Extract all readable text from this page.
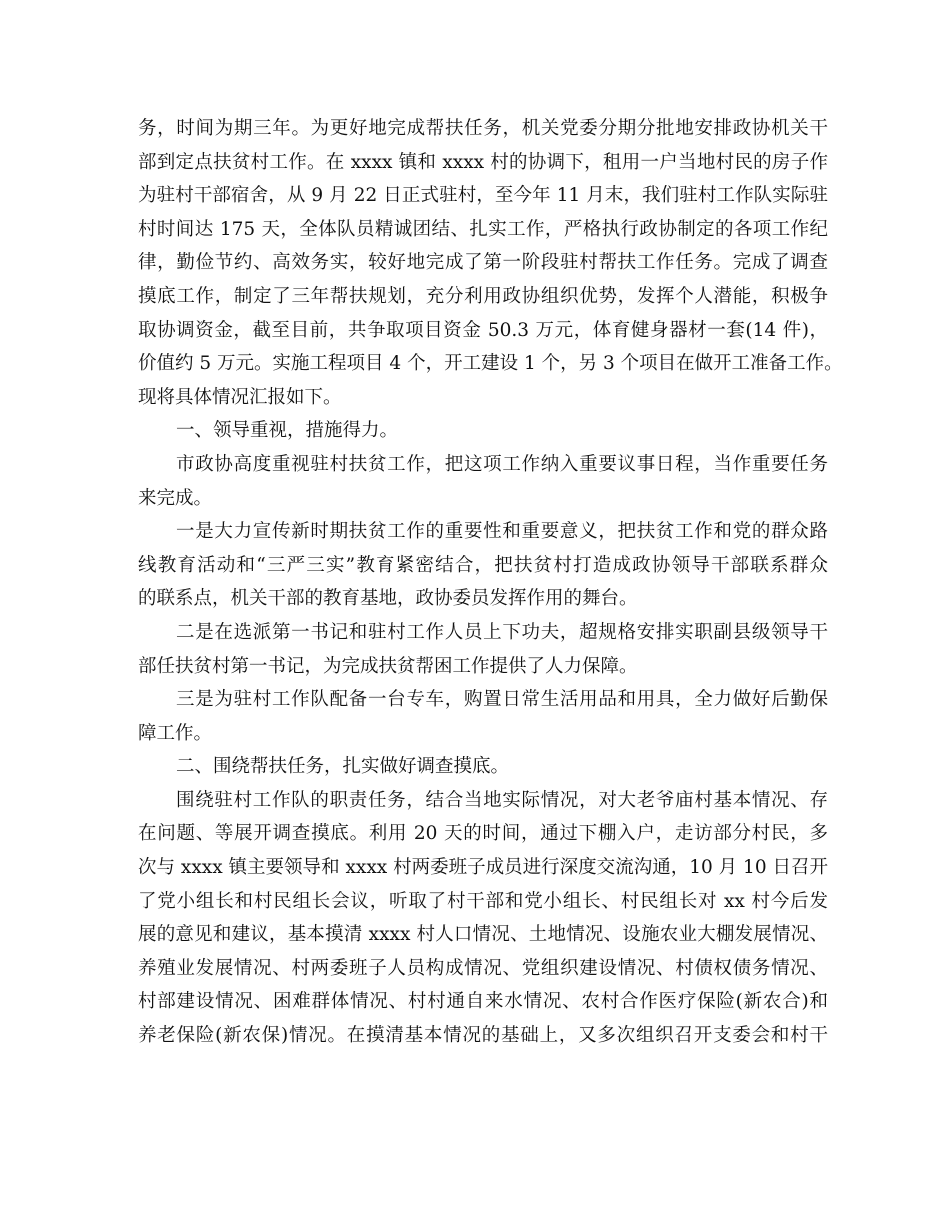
务，时间为期三年。为更好地完成帮扶任务，机关党委分期分批地安排政协机关干
部到定点扶贫村工作。在 xxxx 镇和 xxxx 村的协调下，租用一户当地村民的房子作
为驻村干部宿舍，从 9 月 22 日正式驻村，至今年 11 月末，我们驻村工作队实际驻
村时间达 175 天，全体队员精诚团结、扎实工作，严格执行政协制定的各项工作纪
律，勤俭节约、高效务实，较好地完成了第一阶段驻村帮扶工作任务。完成了调查
摸底工作，制定了三年帮扶规划，充分利用政协组织优势，发挥个人潜能，积极争
取协调资金，截至目前，共争取项目资金 50.3 万元，体育健身器材一套(14 件)，
价值约 5 万元。实施工程项目 4 个，开工建设 1 个，另 3 个项目在做开工准备工作。
现将具体情况汇报如下。
一、领导重视，措施得力。
市政协高度重视驻村扶贫工作，把这项工作纳入重要议事日程，当作重要任务
来完成。
一是大力宣传新时期扶贫工作的重要性和重要意义，把扶贫工作和党的群众路
线教育活动和“三严三实”教育紧密结合，把扶贫村打造成政协领导干部联系群众
的联系点，机关干部的教育基地，政协委员发挥作用的舞台。
二是在选派第一书记和驻村工作人员上下功夫，超规格安排实职副县级领导干
部任扶贫村第一书记，为完成扶贫帮困工作提供了人力保障。
三是为驻村工作队配备一台专车，购置日常生活用品和用具，全力做好后勤保
障工作。
二、围绕帮扶任务，扎实做好调查摸底。
围绕驻村工作队的职责任务，结合当地实际情况，对大老爷庙村基本情况、存
在问题、等展开调查摸底。利用 20 天的时间，通过下棚入户，走访部分村民，多
次与 xxxx 镇主要领导和 xxxx 村两委班子成员进行深度交流沟通，10 月 10 日召开
了党小组长和村民组长会议，听取了村干部和党小组长、村民组长对 xx 村今后发
展的意见和建议，基本摸清 xxxx 村人口情况、土地情况、设施农业大棚发展情况、
养殖业发展情况、村两委班子人员构成情况、党组织建设情况、村债权债务情况、
村部建设情况、困难群体情况、村村通自来水情况、农村合作医疗保险(新农合)和
养老保险(新农保)情况。在摸清基本情况的基础上，又多次组织召开支委会和村干
